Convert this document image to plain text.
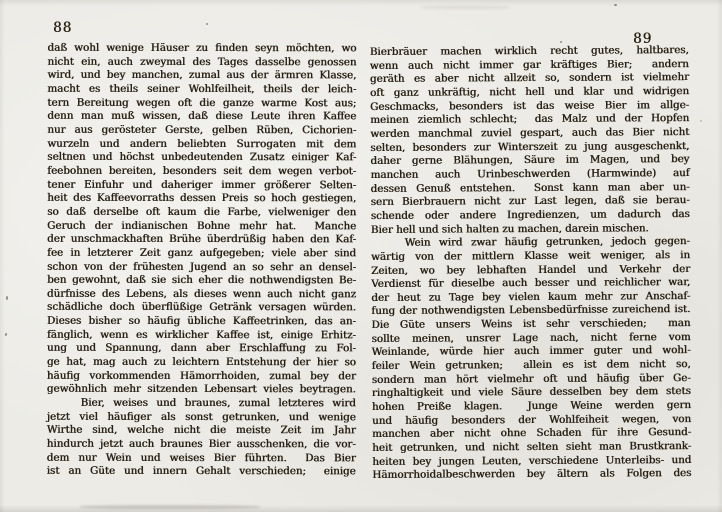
88
89
daß wohl wenige Häuser zu finden seyn möchten, wo
nicht ein, auch zweymal des Tages dasselbe genossen
wird, und bey manchen, zumal aus der ärmren Klasse,
macht es theils seiner Wohlfeilheit, theils der leich-
tern Bereitung wegen oft die ganze warme Kost aus;
denn man muß wissen, daß diese Leute ihren Kaffee
nur aus gerösteter Gerste, gelben Rüben, Cichorien-
wurzeln und andern beliebten Surrogaten mit dem
seltnen und höchst unbedeutenden Zusatz einiger Kaf-
feebohnen bereiten, besonders seit dem wegen verbot-
tener Einfuhr und daheriger immer größerer Selten-
heit des Kaffeevorraths dessen Preis so hoch gestiegen,
so daß derselbe oft kaum die Farbe, vielweniger den
Geruch der indianischen Bohne mehr hat.  Manche
der unschmackhaften Brühe überdrüßig haben den Kaf-
fee in letzterer Zeit ganz aufgegeben; viele aber sind
schon von der frühesten Jugend an so sehr an densel-
ben gewohnt, daß sie sich eher die nothwendigsten Be-
dürfnisse des Lebens, als dieses wenn auch nicht ganz
schädliche doch überflüßige Getränk versagen würden.
Dieses bisher so häufig übliche Kaffeetrinken, das an-
fänglich, wenn es wirklicher Kaffee ist, einige Erhitz-
ung und Spannung, dann aber Erschlaffung zu Fol-
ge hat, mag auch zu leichtern Entstehung der hier so
häufig vorkommenden Hämorrhoiden, zumal bey der
gewöhnlich mehr sitzenden Lebensart vieles beytragen.
Bier, weises und braunes, zumal letzteres wird
jetzt viel häufiger als sonst getrunken, und wenige
Wirthe sind, welche nicht die meiste Zeit im Jahr
hindurch jetzt auch braunes Bier ausschenken, die vor-
dem nur Wein und weises Bier führten.  Das Bier
ist an Güte und innern Gehalt verschieden;  einige
Bierbräuer machen wirklich recht gutes, haltbares,
wenn auch nicht immer gar kräftiges Bier;  andern
geräth es aber nicht allzeit so, sondern ist vielmehr
oft ganz unkräftig, nicht hell und klar und widrigen
Geschmacks, besonders ist das weise Bier im allge-
meinen ziemlich schlecht;  das Malz und der Hopfen
werden manchmal zuviel gespart, auch das Bier nicht
selten, besonders zur Winterszeit zu jung ausgeschenkt,
daher gerne Blähungen, Säure im Magen, und bey
manchen auch Urinbeschwerden (Harmwinde) auf
dessen Genuß entstehen.  Sonst kann man aber un-
sern Bierbrauern nicht zur Last legen, daß sie berau-
schende oder andere Ingredienzen, um dadurch das
Bier hell und sich halten zu machen, darein mischen.
Wein wird zwar häufig getrunken, jedoch gegen-
wärtig von der mittlern Klasse weit weniger, als in
Zeiten, wo bey lebhaften Handel und Verkehr der
Verdienst für dieselbe auch besser und reichlicher war,
der heut zu Tage bey vielen kaum mehr zur Anschaf-
fung der nothwendigsten Lebensbedürfnisse zureichend ist.
Die Güte unsers Weins ist sehr verschieden;  man
sollte meinen, unsrer Lage nach, nicht ferne vom
Weinlande, würde hier auch immer guter und wohl-
feiler Wein getrunken;  allein es ist dem nicht so,
sondern man hört vielmehr oft und häufig über Ge-
ringhaltigkeit und viele Säure desselben bey dem stets
hohen Preiße klagen.  Junge Weine werden gern
und häufig besonders der Wohlfeiheit wegen, von
manchen aber nicht ohne Schaden für ihre Gesund-
heit getrunken, und nicht selten sieht man Brustkrank-
heiten bey jungen Leuten, verschiedene Unterleibs- und
Hämorrhoidalbeschwerden bey ältern als Folgen des
